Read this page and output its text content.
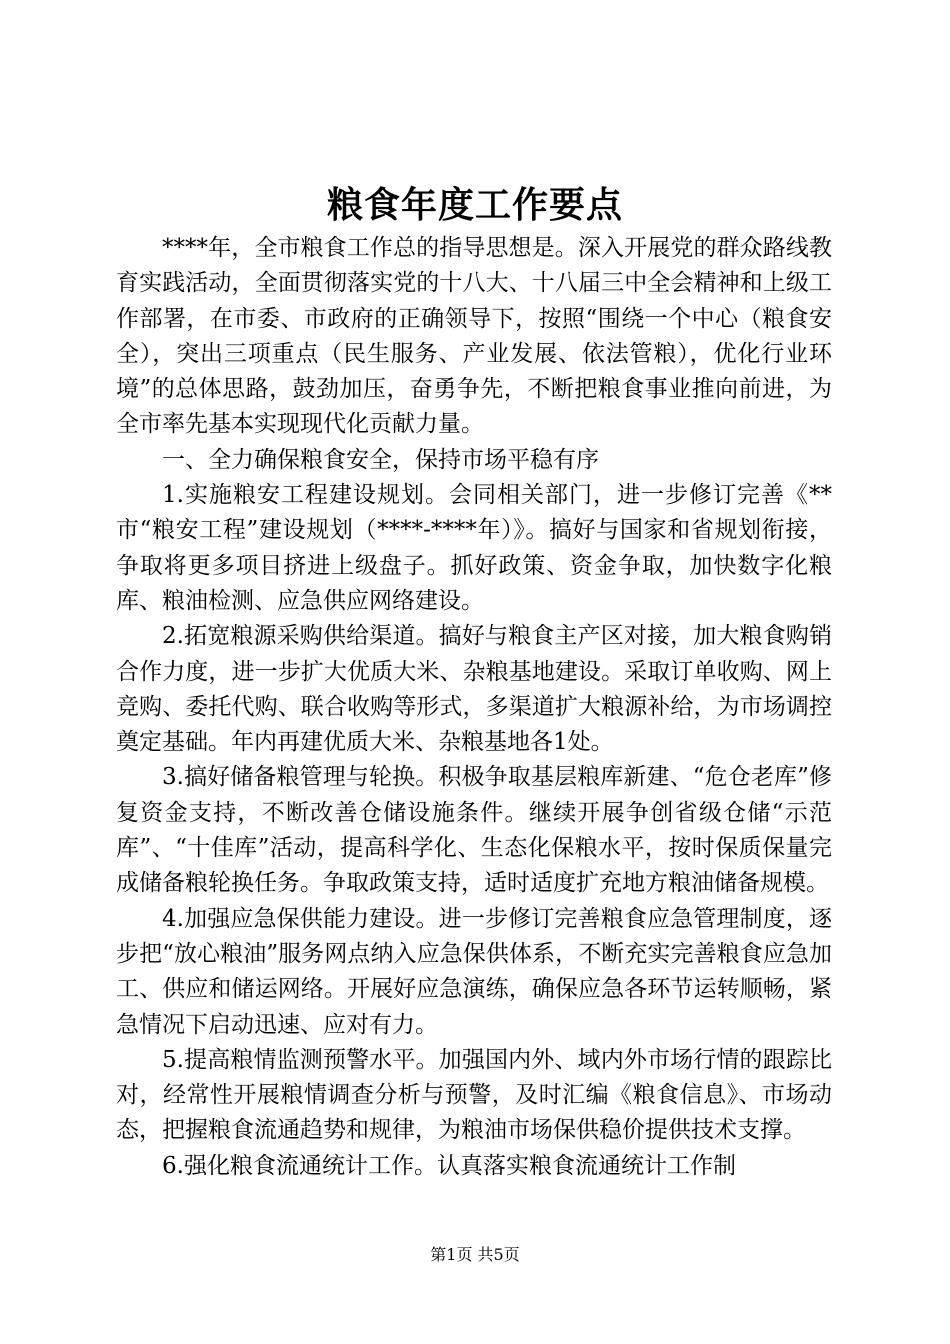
粮食年度工作要点

****年，全市粮食工作总的指导思想是。深入开展党的群众路线教育实践活动，全面贯彻落实党的十八大、十八届三中全会精神和上级工作部署，在市委、市政府的正确领导下，按照“围绕一个中心（粮食安全），突出三项重点（民生服务、产业发展、依法管粮），优化行业环境”的总体思路，鼓劲加压，奋勇争先，不断把粮食事业推向前进，为全市率先基本实现现代化贡献力量。

一、全力确保粮食安全，保持市场平稳有序

1.实施粮安工程建设规划。会同相关部门，进一步修订完善《**市“粮安工程”建设规划（****-****年）》。搞好与国家和省规划衔接，争取将更多项目挤进上级盘子。抓好政策、资金争取，加快数字化粮库、粮油检测、应急供应网络建设。

2.拓宽粮源采购供给渠道。搞好与粮食主产区对接，加大粮食购销合作力度，进一步扩大优质大米、杂粮基地建设。采取订单收购、网上竞购、委托代购、联合收购等形式，多渠道扩大粮源补给，为市场调控奠定基础。年内再建优质大米、杂粮基地各1处。

3.搞好储备粮管理与轮换。积极争取基层粮库新建、“危仓老库”修复资金支持，不断改善仓储设施条件。继续开展争创省级仓储“示范库”、“十佳库”活动，提高科学化、生态化保粮水平，按时保质保量完成储备粮轮换任务。争取政策支持，适时适度扩充地方粮油储备规模。

4.加强应急保供能力建设。进一步修订完善粮食应急管理制度，逐步把“放心粮油”服务网点纳入应急保供体系，不断充实完善粮食应急加工、供应和储运网络。开展好应急演练，确保应急各环节运转顺畅，紧急情况下启动迅速、应对有力。

5.提高粮情监测预警水平。加强国内外、域内外市场行情的跟踪比对，经常性开展粮情调查分析与预警，及时汇编《粮食信息》、市场动态，把握粮食流通趋势和规律，为粮油市场保供稳价提供技术支撑。

6.强化粮食流通统计工作。认真落实粮食流通统计工作制

第1页 共5页
